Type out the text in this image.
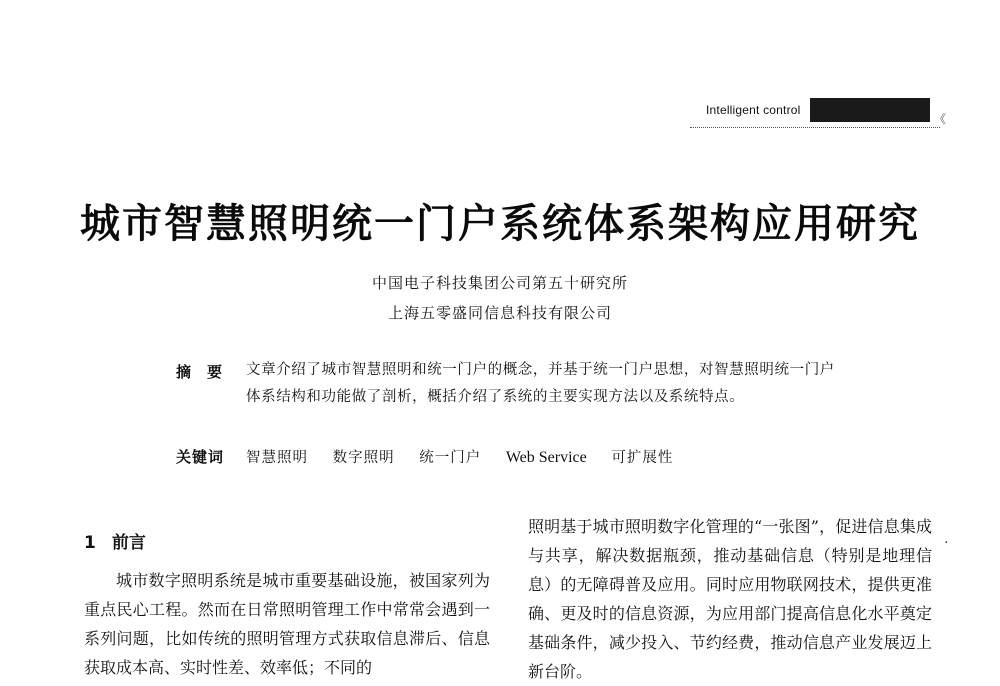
Intelligent control
《
城市智慧照明统一门户系统体系架构应用研究
中国电子科技集团公司第五十研究所
上海五零盛同信息科技有限公司
摘要 文章介绍了城市智慧照明和统一门户的概念，并基于统一门户思想，对智慧照明统一门户体系结构和功能做了剖析，概括介绍了系统的主要实现方法以及系统特点。
关键词 智慧照明 数字照明 统一门户 Web Service 可扩展性
1 前言

城市数字照明系统是城市重要基础设施，被国家列为重点民心工程。然而在日常照明管理工作中常常会遇到一系列问题，比如传统的照明管理方式获取信息滞后、信息获取成本高、实时性差、效率低；不同的

照明基于城市照明数字化管理的“一张图”，促进信息集成与共享，解决数据瓶颈，推动基础信息（特别是地理信息）的无障碍普及应用。同时应用物联网技术，提供更准确、更及时的信息资源，为应用部门提高信息化水平奠定基础条件，减少投入、节约经费，推动信息产业发展迈上新台阶。

.
